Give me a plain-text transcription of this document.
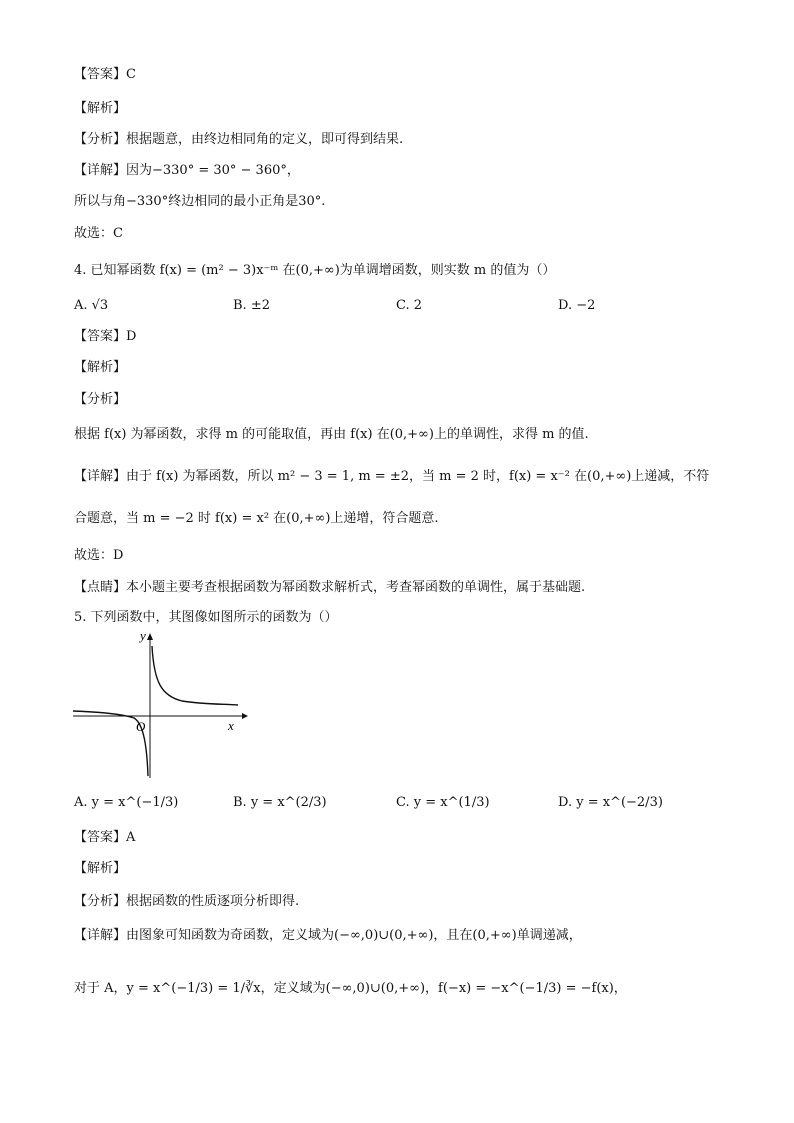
【答案】C
【解析】
【分析】根据题意，由终边相同角的定义，即可得到结果.
【详解】因为−330° = 30° − 360°，
所以与角−330°终边相同的最小正角是30°.
故选：C
4. 已知幂函数 f(x) = (m² − 3)x⁻ᵐ 在(0,+∞)为单调增函数，则实数 m 的值为（）
A. √3	B. ±2	C. 2	D. −2
【答案】D
【解析】
【分析】
根据 f(x) 为幂函数，求得 m 的可能取值，再由 f(x) 在(0,+∞)上的单调性，求得 m 的值.
【详解】由于 f(x) 为幂函数，所以 m² − 3 = 1, m = ±2，当 m = 2 时，f(x) = x⁻² 在(0,+∞)上递减，不符
合题意，当 m = −2 时 f(x) = x² 在(0,+∞)上递增，符合题意.
故选：D
【点睛】本小题主要考查根据函数为幂函数求解析式，考查幂函数的单调性，属于基础题.
5. 下列函数中，其图像如图所示的函数为（）
y
x
O
A. y = x^(−1/3)	B. y = x^(2/3)	C. y = x^(1/3)	D. y = x^(−2/3)
【答案】A
【解析】
【分析】根据函数的性质逐项分析即得.
【详解】由图象可知函数为奇函数，定义域为(−∞,0)∪(0,+∞)，且在(0,+∞)单调递减，
对于 A，y = x^(−1/3) = 1/∛x，定义域为(−∞,0)∪(0,+∞)，f(−x) = −x^(−1/3) = −f(x)，
